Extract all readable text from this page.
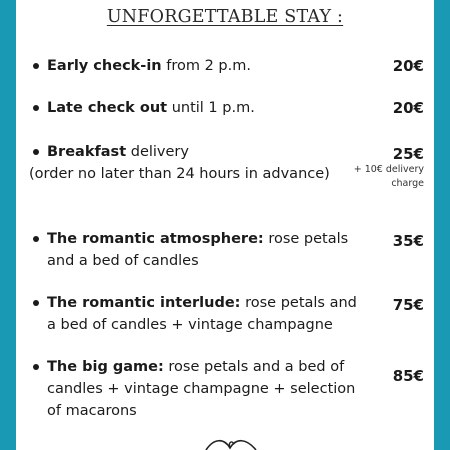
UNFORGETTABLE STAY :
Early check-in from 2 p.m.	20€
Late check out until 1 p.m.	20€
Breakfast delivery
(order no later than 24 hours in advance)
25€
+ 10€ delivery charge
The romantic atmosphere: rose petals and a bed of candles
35€
The romantic interlude: rose petals and a bed of candles + vintage champagne
75€
The big game: rose petals and a bed of candles + vintage champagne + selection of macarons
85€
